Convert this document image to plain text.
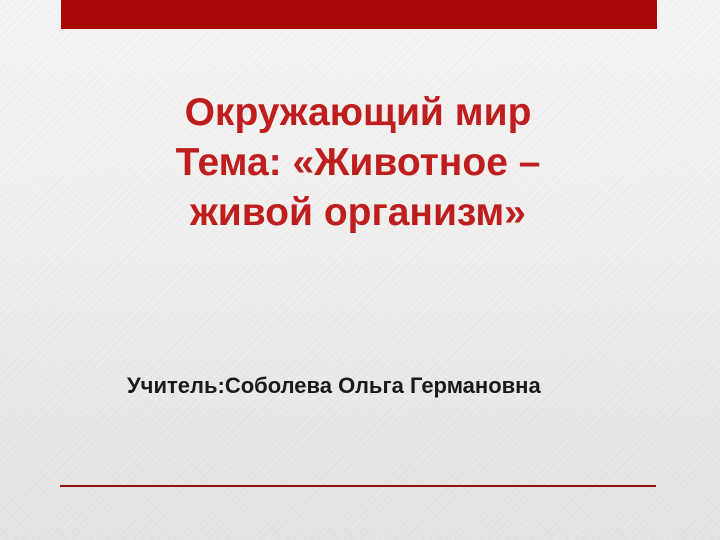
Окружающий мир
Тема: «Животное –
живой организм»
Учитель:Соболева Ольга Германовна
